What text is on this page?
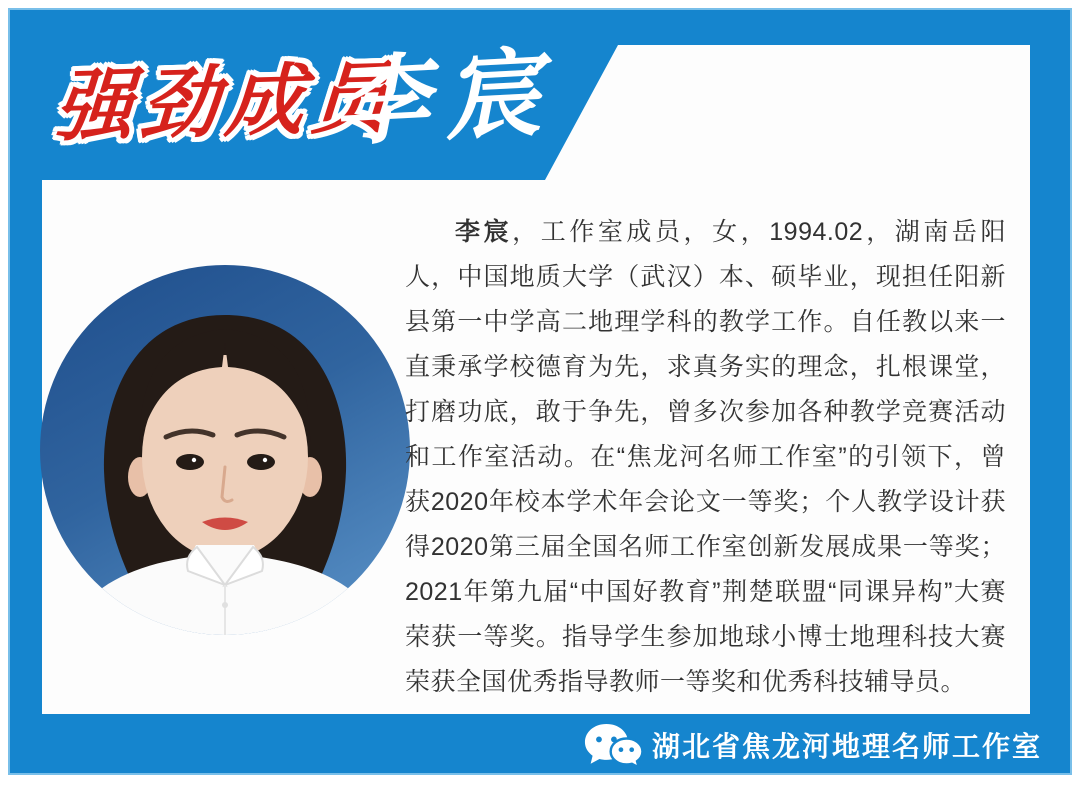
强劲成员
李宸
李宸，工作室成员，女，1994.02，湖南岳阳人，中国地质大学（武汉）本、硕毕业，现担任阳新县第一中学高二地理学科的教学工作。自任教以来一直秉承学校德育为先，求真务实的理念，扎根课堂，打磨功底，敢于争先，曾多次参加各种教学竞赛活动和工作室活动。在“焦龙河名师工作室”的引领下，曾获2020年校本学术年会论文一等奖；个人教学设计获得2020第三届全国名师工作室创新发展成果一等奖；2021年第九届“中国好教育”荆楚联盟“同课异构”大赛荣获一等奖。指导学生参加地球小博士地理科技大赛荣获全国优秀指导教师一等奖和优秀科技辅导员。
湖北省焦龙河地理名师工作室
